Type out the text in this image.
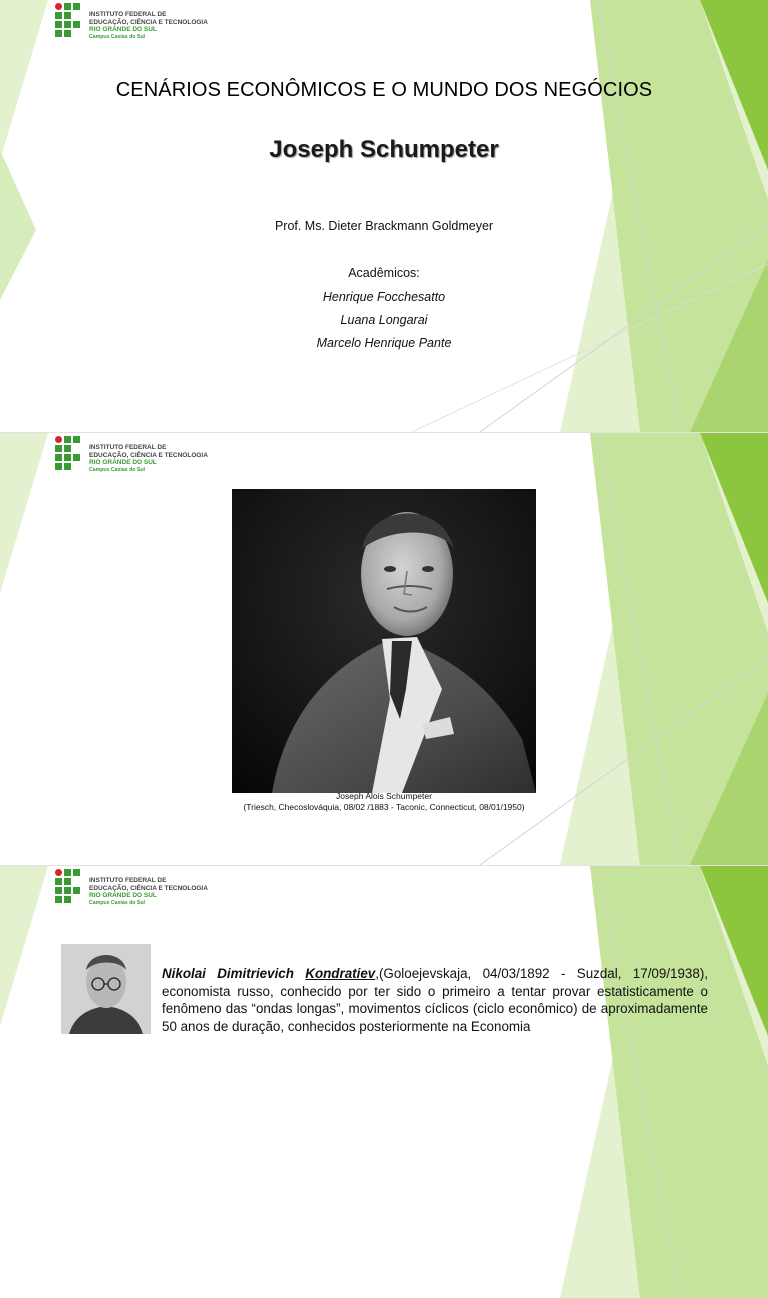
INSTITUTO FEDERAL DE
EDUCAÇÃO, CIÊNCIA E TECNOLOGIA
RIO GRANDE DO SUL
Campus Caxias do Sul
CENÁRIOS ECONÔMICOS E O MUNDO DOS NEGÓCIOS
Joseph Schumpeter
Prof. Ms. Dieter Brackmann Goldmeyer
Acadêmicos:
Henrique Focchesatto
Luana Longarai
Marcelo Henrique Pante
INSTITUTO FEDERAL DE
EDUCAÇÃO, CIÊNCIA E TECNOLOGIA
RIO GRANDE DO SUL
Campus Caxias do Sul
Joseph Alois Schumpeter
(Triesch, Checoslováquia, 08/02 /1883 - Taconic, Connecticut, 08/01/1950)
INSTITUTO FEDERAL DE
EDUCAÇÃO, CIÊNCIA E TECNOLOGIA
RIO GRANDE DO SUL
Campus Caxias do Sul
Nikolai Dimitrievich Kondratiev,(Goloejevskaja, 04/03/1892 - Suzdal, 17/09/1938), economista russo, conhecido por ter sido o primeiro a tentar provar estatisticamente o fenômeno das “ondas longas”, movimentos cíclicos (ciclo econômico) de aproximadamente 50 anos de duração, conhecidos posteriormente na Economia
